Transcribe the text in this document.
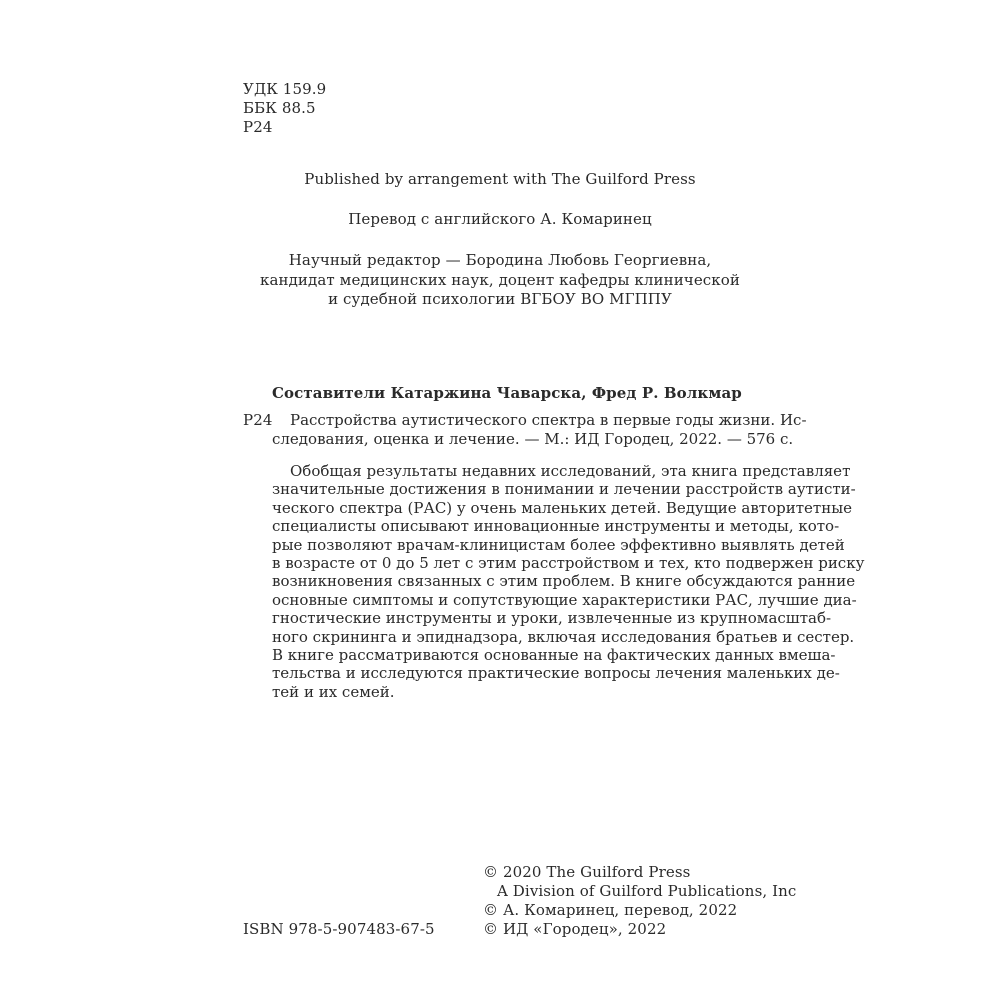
УДК 159.9
ББК 88.5
Р24
Published by arrangement with The Guilford Press
Перевод с английского А. Комаринец
Научный редактор — Бородина Любовь Георгиевна,
кандидат медицинских наук, доцент кафедры клинической
и судебной психологии ВГБОУ ВО МГППУ
Составители Катаржина Чаварска, Фред Р. Волкмар
Р24	Расстройства аутистического спектра в первые годы жизни. Ис-
следования, оценка и лечение. — М.: ИД Городец, 2022. — 576 с.
Обобщая результаты недавних исследований, эта книга представляет
значительные достижения в понимании и лечении расстройств аутисти-
ческого спектра (РАС) у очень маленьких детей. Ведущие авторитетные
специалисты описывают инновационные инструменты и методы, кото-
рые позволяют врачам-клиницистам более эффективно выявлять детей
в возрасте от 0 до 5 лет с этим расстройством и тех, кто подвержен риску
возникновения связанных с этим проблем. В книге обсуждаются ранние
основные симптомы и сопутствующие характеристики РАС, лучшие диа-
гностические инструменты и уроки, извлеченные из крупномасштаб-
ного скрининга и эпиднадзора, включая исследования братьев и сестер.
В книге рассматриваются основанные на фактических данных вмеша-
тельства и исследуются практические вопросы лечения маленьких де-
тей и их семей.
© 2020 The Guilford Press
A Division of Guilford Publications, Inc
© А. Комаринец, перевод, 2022
© ИД «Городец», 2022
ISBN 978-5-907483-67-5
